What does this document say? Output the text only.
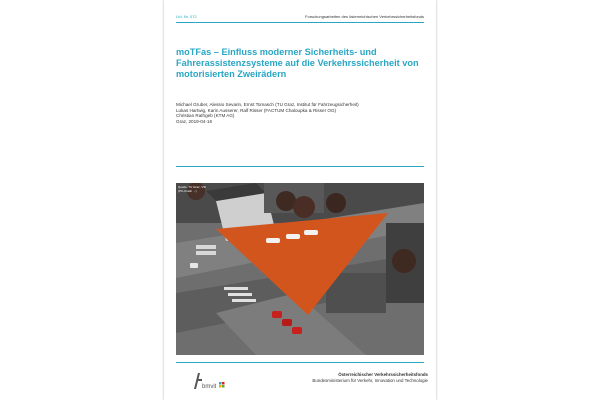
Lfd. Nr. 072	Forschungsarbeiten des österreichischen Verkehrssicherheitsfonds
moTFas – Einfluss moderner Sicherheits- und Fahrerassistenzsysteme auf die Verkehrssicherheit von motorisierten Zweirädern
Michael Gruber, Alessio Sevarin, Ernst Tomasch (TU Graz, Institut für Fahrzeugsicherheit)
Lukas Hartwig, Karin Ausserer, Ralf Risser (FACTUM Chaloupka & Risser OG)
Christian Rathgeb (KTM AG)
Graz, 2019-04-16
Quelle: TU Graz, VSI
(PC-Crash ...)
bmvit
Österreichischer Verkehrssicherheitsfonds
Bundesministerium für Verkehr, Innovation und Technologie
